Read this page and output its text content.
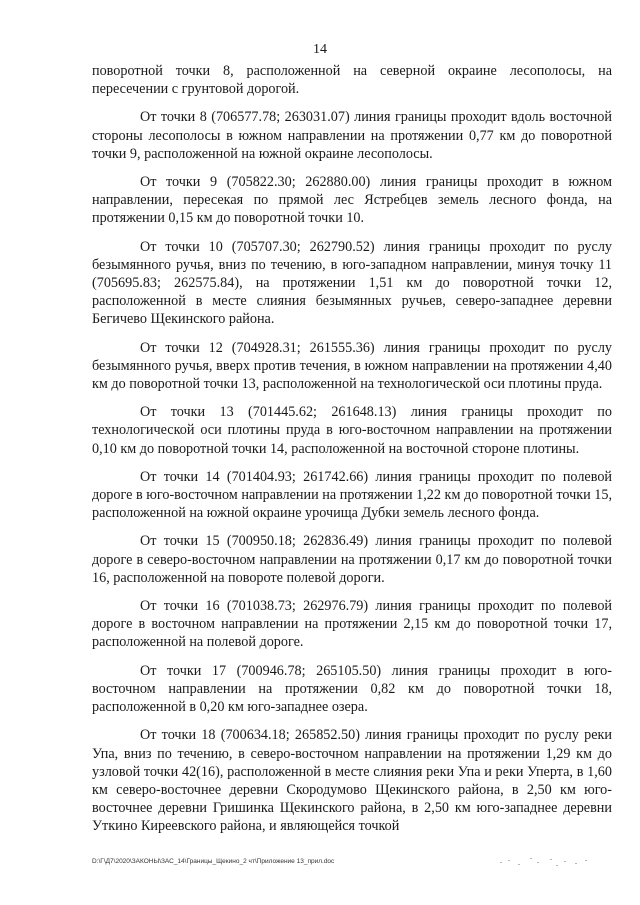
14

поворотной точки 8, расположенной на северной окраине лесополосы, на пересечении с грунтовой дорогой.

От точки 8 (706577.78; 263031.07) линия границы проходит вдоль восточной стороны лесополосы в южном направлении на протяжении 0,77 км до поворотной точки 9, расположенной на южной окраине лесополосы.

От точки 9 (705822.30; 262880.00) линия границы проходит в южном направлении, пересекая по прямой лес Ястребцев земель лесного фонда, на протяжении 0,15 км до поворотной точки 10.

От точки 10 (705707.30; 262790.52) линия границы проходит по руслу безымянного ручья, вниз по течению, в юго-западном направлении, минуя точку 11 (705695.83; 262575.84), на протяжении 1,51 км до поворотной точки 12, расположенной в месте слияния безымянных ручьев, северо-западнее деревни Бегичево Щекинского района.

От точки 12 (704928.31; 261555.36) линия границы проходит по руслу безымянного ручья, вверх против течения, в южном направлении на протяжении 4,40 км до поворотной точки 13, расположенной на технологической оси плотины пруда.

От точки 13 (701445.62; 261648.13) линия границы проходит по технологической оси плотины пруда в юго-восточном направлении на протяжении 0,10 км до поворотной точки 14, расположенной на восточной стороне плотины.

От точки 14 (701404.93; 261742.66) линия границы проходит по полевой дороге в юго-восточном направлении на протяжении 1,22 км до поворотной точки 15, расположенной на южной окраине урочища Дубки земель лесного фонда.

От точки 15 (700950.18; 262836.49) линия границы проходит по полевой дороге в северо-восточном направлении на протяжении 0,17 км до поворотной точки 16, расположенной на повороте полевой дороги.

От точки 16 (701038.73; 262976.79) линия границы проходит по полевой дороге в восточном направлении на протяжении 2,15 км до поворотной точки 17, расположенной на полевой дороге.

От точки 17 (700946.78; 265105.50) линия границы проходит в юго-восточном направлении на протяжении 0,82 км до поворотной точки 18, расположенной в 0,20 км юго-западнее озера.

От точки 18 (700634.18; 265852.50) линия границы проходит по руслу реки Упа, вниз по течению, в северо-восточном направлении на протяжении 1,29 км до узловой точки 42(16), расположенной в месте слияния реки Упа и реки Уперта, в 1,60 км северо-восточнее деревни Скородумово Щекинского района, в 2,50 км юго-восточнее деревни Гришинка Щекинского района, в 2,50 км юго-западнее деревни Уткино Киреевского района, и являющейся точкой

D:\Г\Д7\2020\ЗАКОНЫ\ЗАС_14\Границы_Щекино_2 чт\Приложение 13_прил.doc
